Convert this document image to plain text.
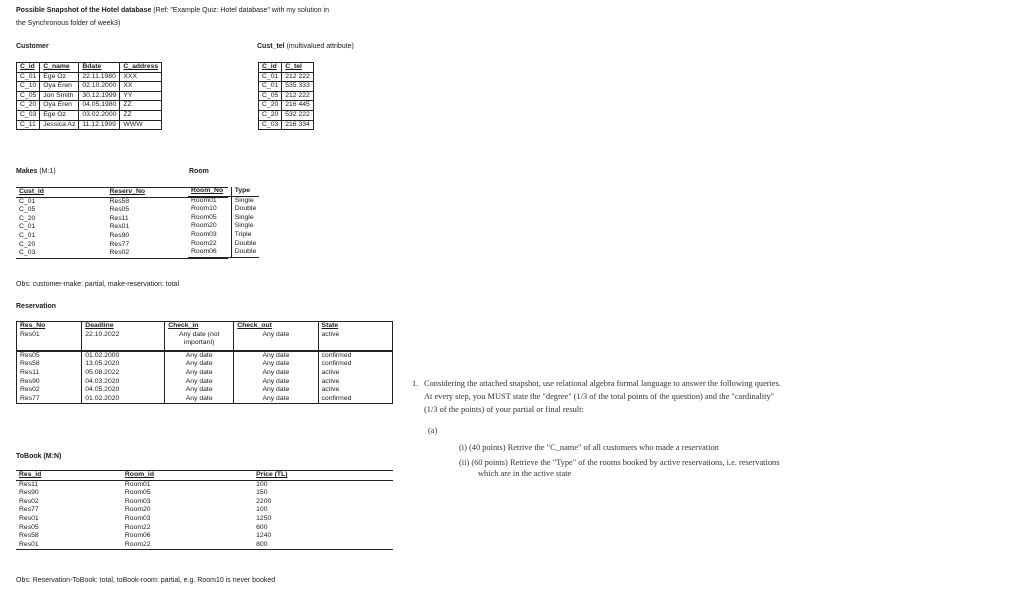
Possible Snapshot of the Hotel database (Ref: "Example Quiz: Hotel database" with my solution in
the Synchronous folder of week3)
Customer
C_id	C_name	Bdate	C_address
C_01	Ege Oz	22.11.1980	XXX
C_10	Oya Eren	02.10.2000	XX
C_05	Jon Smith	30.12.1999	YY
C_20	Oya Eren	04.05.1980	ZZ
C_03	Ege Oz	03.02.2000	ZZ
C_11	Jessica Az	11.12.1999	WWW
Cust_tel (multivalued attribute)
C_id	C_tel
C_01	212 222
C_01	535 333
C_05	212 222
C_20	216 445
C_20	532 222
C_03	216 334
Makes (M:1)
Cust_id	Reserv_No
C_01	Res58
C_05	Res05
C_20	Res11
C_01	Res01
C_01	Res90
C_20	Res77
C_03	Res02
Obs: customer-make: partial, make-reservation: total
Room
Room_No	Type
Room01	Single
Room10	Double
Room05	Single
Room20	Single
Room03	Triple
Room22	Double
Room06	Double
Reservation
Res_No	Deadline	Check_in	Check_out	State
Res01	22.10.2022	Any date (not important)	Any date	active
Res05	01.02.2000	Any date	Any date	confirmed
Res58	13.05.2020	Any date	Any date	confirmed
Res11	05.08.2022	Any date	Any date	active
Res90	04.03.2020	Any date	Any date	active
Res02	04.05.2020	Any date	Any date	active
Res77	01.02.2020	Any date	Any date	confirmed
ToBook (M:N)
Res_id	Room_id	Price (TL)
Res11	Room01	100
Res90	Room05	150
Res02	Room03	2200
Res77	Room20	100
Res01	Room03	1250
Res05	Room22	600
Res58	Room06	1240
Res01	Room22	800
Obs: Reservation-ToBook: total, toBook-room: partial, e.g. Room10 is never booked
1. Considering the attached snapshot, use relational algebra formal language to answer the following queries.
At every step, you MUST state the "degree" (1/3 of the total points of the question) and the "cardinality"
(1/3 of the points) of your partial or final result:
(a)
(i) (40 points) Retrive the "C_name" of all customers who made a reservation
(ii) (60 points) Retrieve the "Type" of the rooms booked by active reservations, i.e. reservations
which are in the active state
